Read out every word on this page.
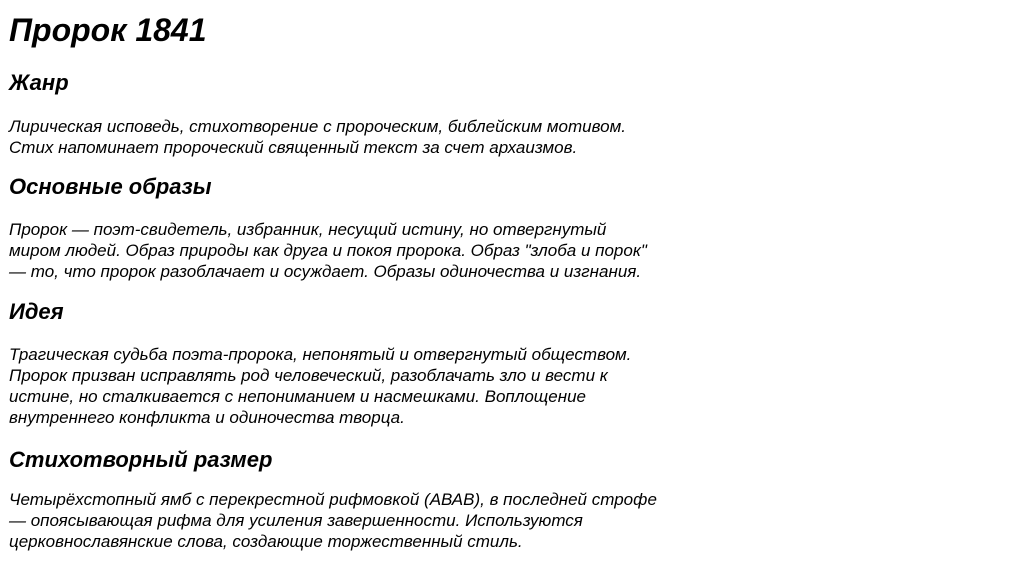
Пророк 1841
Жанр
Лирическая исповедь, стихотворение с пророческим, библейским мотивом.
Стих напоминает пророческий священный текст за счет архаизмов.
Основные образы
Пророк — поэт-свидетель, избранник, несущий истину, но отвергнутый
миром людей. Образ природы как друга и покоя пророка. Образ "злоба и порок"
— то, что пророк разоблачает и осуждает. Образы одиночества и изгнания.
Идея
Трагическая судьба поэта-пророка, непонятый и отвергнутый обществом.
Пророк призван исправлять род человеческий, разоблачать зло и вести к
истине, но сталкивается с непониманием и насмешками. Воплощение
внутреннего конфликта и одиночества творца.
Стихотворный размер
Четырёхстопный ямб с перекрестной рифмовкой (АВАВ), в последней строфе
— опоясывающая рифма для усиления завершенности. Используются
церковнославянские слова, создающие торжественный стиль.
